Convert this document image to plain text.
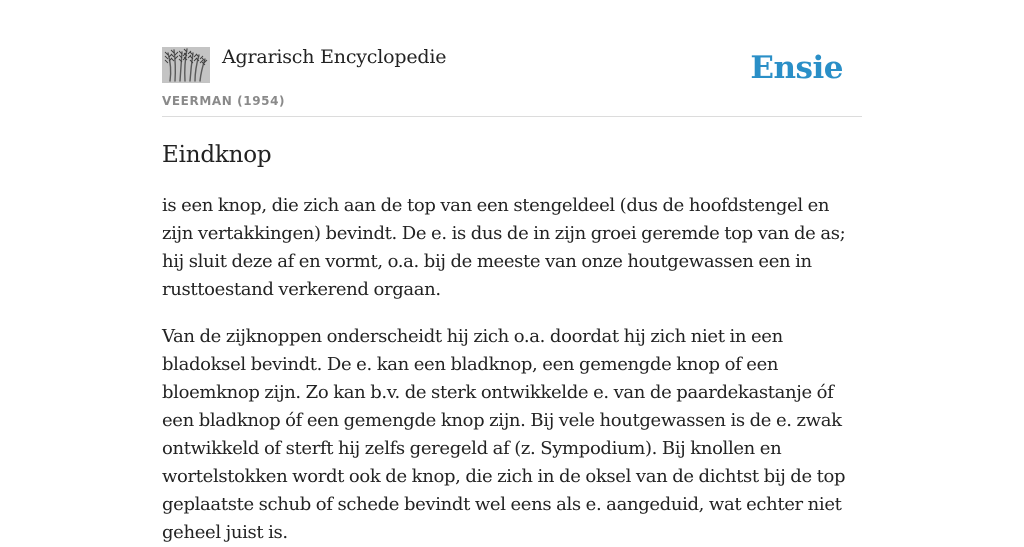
Agrarisch Encyclopedie
VEERMAN (1954)
Ensie
Eindknop

is een knop, die zich aan de top van een stengeldeel (dus de hoofdstengel en zijn vertakkingen) bevindt. De e. is dus de in zijn groei geremde top van de as; hij sluit deze af en vormt, o.a. bij de meeste van onze houtgewassen een in rusttoestand verkerend orgaan.

Van de zijknoppen onderscheidt hij zich o.a. doordat hij zich niet in een bladoksel bevindt. De e. kan een bladknop, een gemengde knop of een bloemknop zijn. Zo kan b.v. de sterk ontwikkelde e. van de paardekastanje óf een bladknop óf een gemengde knop zijn. Bij vele houtgewassen is de e. zwak ontwikkeld of sterft hij zelfs geregeld af (z. Sympodium). Bij knollen en wortelstokken wordt ook de knop, die zich in de oksel van de dichtst bij de top geplaatste schub of schede bevindt wel eens als e. aangeduid, wat echter niet geheel juist is.
